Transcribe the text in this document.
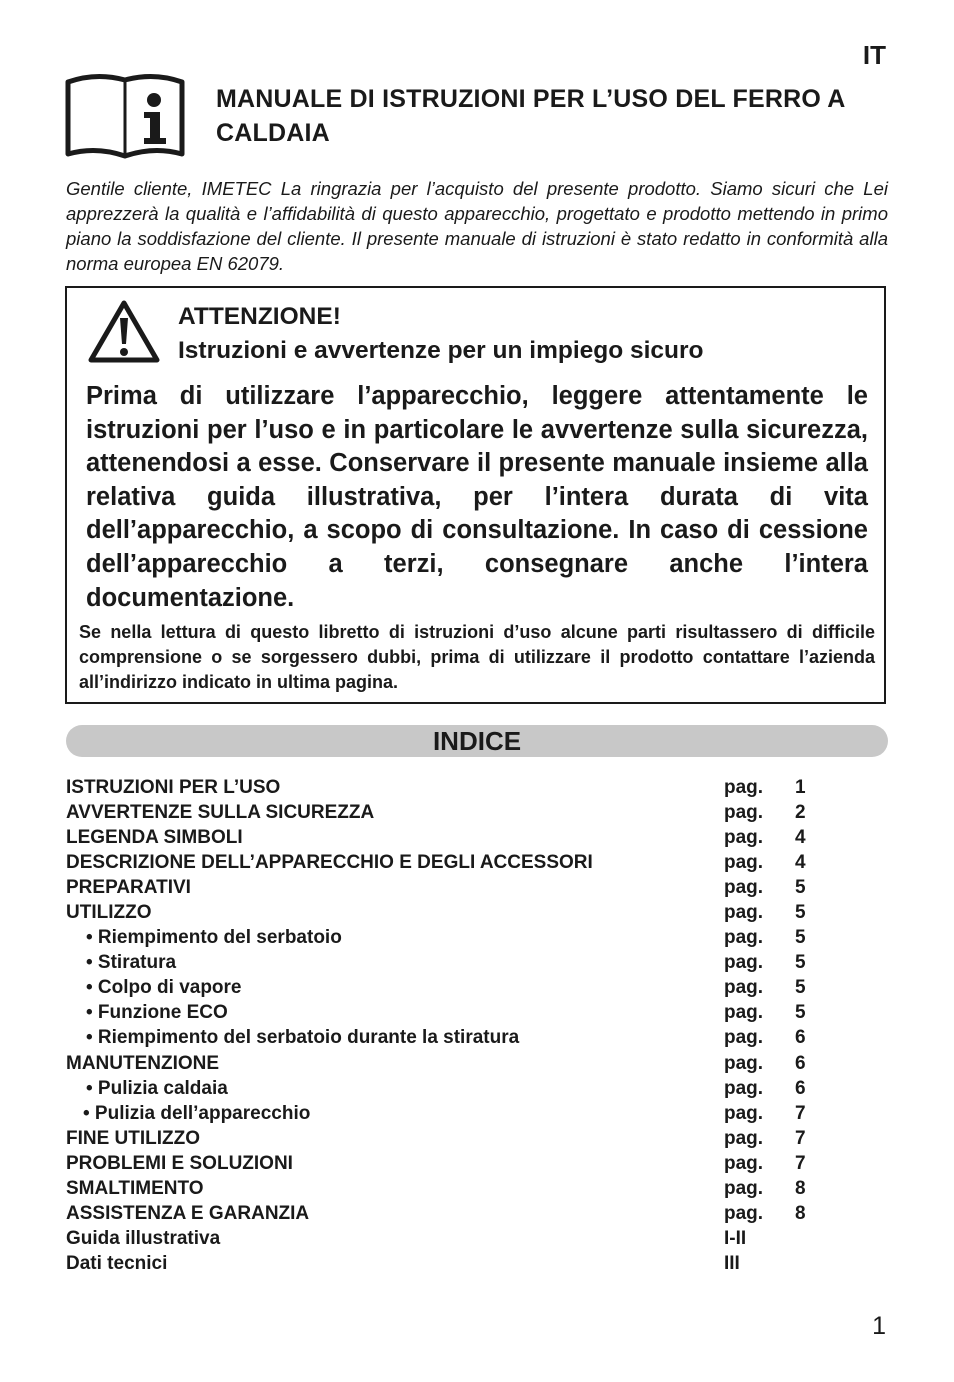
IT
MANUALE DI ISTRUZIONI PER L’USO DEL FERRO A CALDAIA
Gentile cliente, IMETEC La ringrazia per l’acquisto del presente prodotto. Siamo sicuri che Lei apprezzerà la qualità e l’affidabilità di questo apparecchio, progettato e prodotto mettendo in primo piano la soddisfazione del cliente. Il presente manuale di istruzioni è stato redatto in conformità alla norma europea EN 62079.
ATTENZIONE!
Istruzioni e avvertenze per un impiego sicuro
Prima di utilizzare l’apparecchio, leggere attentamente le istruzioni per l’uso e in particolare le avvertenze sulla sicurezza, attenendosi a esse. Conservare il presente manuale insieme alla relativa guida illustrativa, per l’intera durata di vita dell’apparecchio, a scopo di consultazione. In caso di cessione dell’apparecchio a terzi, consegnare anche l’intera documentazione.
Se nella lettura di questo libretto di istruzioni d’uso alcune parti risultassero di difficile comprensione o se sorgessero dubbi, prima di utilizzare il prodotto contattare l’azienda all’indirizzo indicato in ultima pagina.
INDICE
ISTRUZIONI PER L’USO	pag. 1
AVVERTENZE SULLA SICUREZZA	pag. 2
LEGENDA SIMBOLI	pag. 4
DESCRIZIONE DELL’APPARECCHIO E DEGLI ACCESSORI	pag. 4
PREPARATIVI	pag. 5
UTILIZZO	pag. 5
• Riempimento del serbatoio	pag. 5
• Stiratura	pag. 5
• Colpo di vapore	pag. 5
• Funzione ECO	pag. 5
• Riempimento del serbatoio durante la stiratura	pag. 6
MANUTENZIONE	pag. 6
• Pulizia caldaia	pag. 6
• Pulizia dell’apparecchio	pag. 7
FINE UTILIZZO	pag. 7
PROBLEMI E SOLUZIONI	pag. 7
SMALTIMENTO	pag. 8
ASSISTENZA E GARANZIA	pag. 8
Guida illustrativa	I-II
Dati tecnici	III
1
